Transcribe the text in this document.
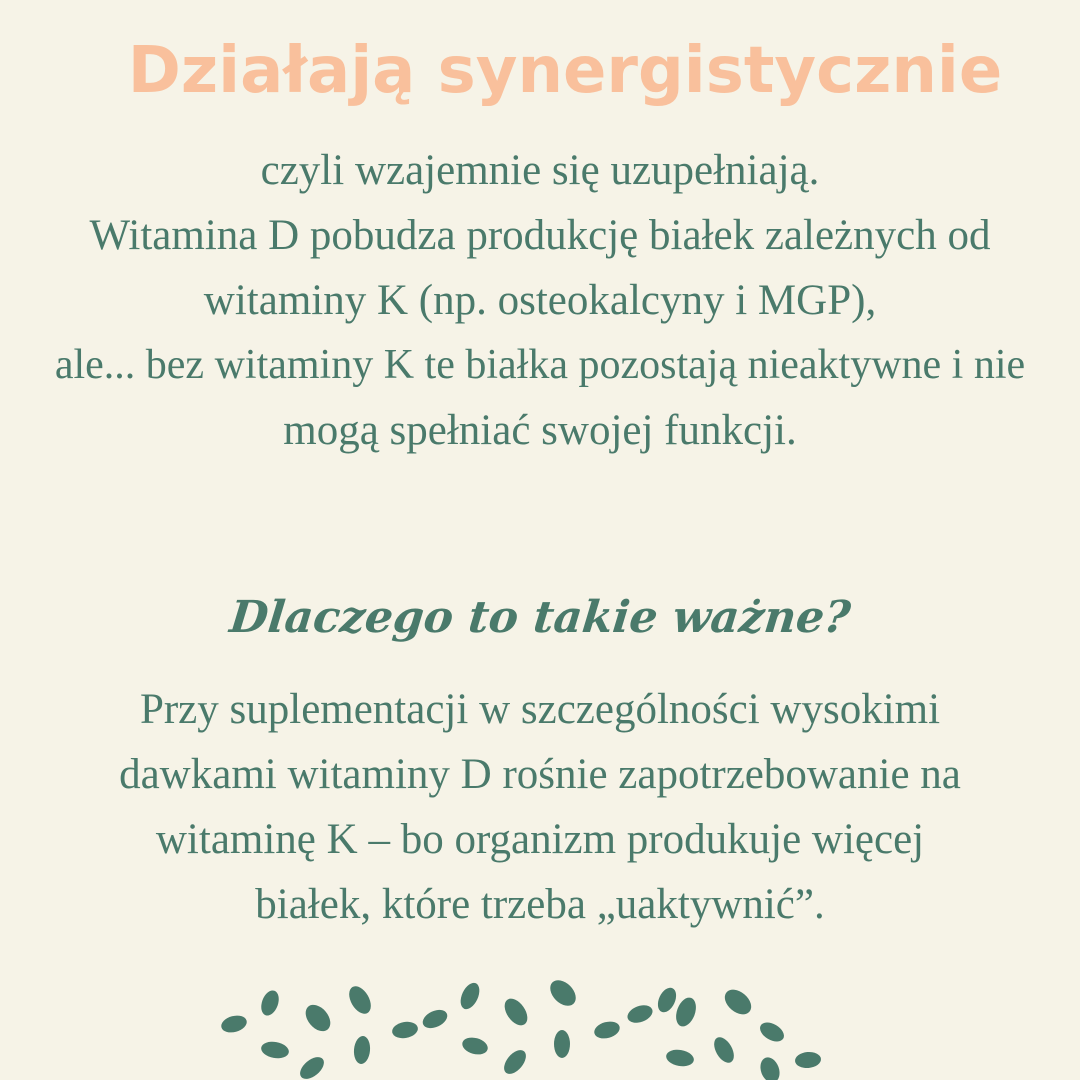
Działają synergistycznie

czyli wzajemnie się uzupełniają.
Witamina D pobudza produkcję białek zależnych od
witaminy K (np. osteokalcyny i MGP),
ale... bez witaminy K te białka pozostają nieaktywne i nie
mogą spełniać swojej funkcji.

Dlaczego to takie ważne?

Przy suplementacji w szczególności wysokimi
dawkami witaminy D rośnie zapotrzebowanie na
witaminę K – bo organizm produkuje więcej
białek, które trzeba „uaktywnić”.
